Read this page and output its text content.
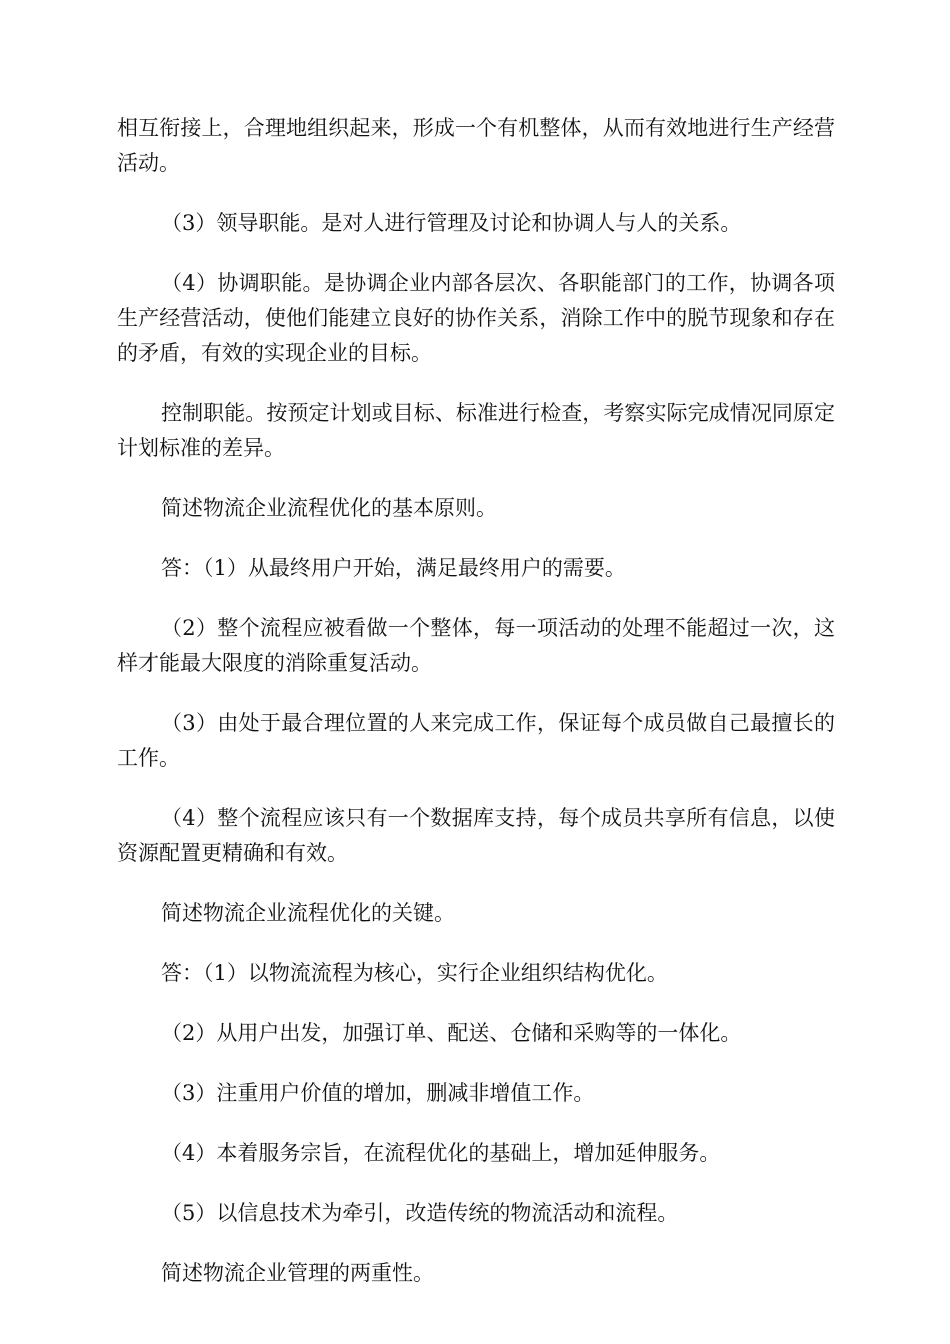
相互衔接上，合理地组织起来，形成一个有机整体，从而有效地进行生产经营活动。

（3）领导职能。是对人进行管理及讨论和协调人与人的关系。

（4）协调职能。是协调企业内部各层次、各职能部门的工作，协调各项生产经营活动，使他们能建立良好的协作关系，消除工作中的脱节现象和存在的矛盾，有效的实现企业的目标。

控制职能。按预定计划或目标、标准进行检查，考察实际完成情况同原定计划标准的差异。

简述物流企业流程优化的基本原则。

答：（1）从最终用户开始，满足最终用户的需要。

（2）整个流程应被看做一个整体，每一项活动的处理不能超过一次，这样才能最大限度的消除重复活动。

（3）由处于最合理位置的人来完成工作，保证每个成员做自己最擅长的工作。

（4）整个流程应该只有一个数据库支持，每个成员共享所有信息，以使资源配置更精确和有效。

简述物流企业流程优化的关键。

答：（1）以物流流程为核心，实行企业组织结构优化。

（2）从用户出发，加强订单、配送、仓储和采购等的一体化。

（3）注重用户价值的增加，删减非增值工作。

（4）本着服务宗旨，在流程优化的基础上，增加延伸服务。

（5）以信息技术为牵引，改造传统的物流活动和流程。

简述物流企业管理的两重性。
